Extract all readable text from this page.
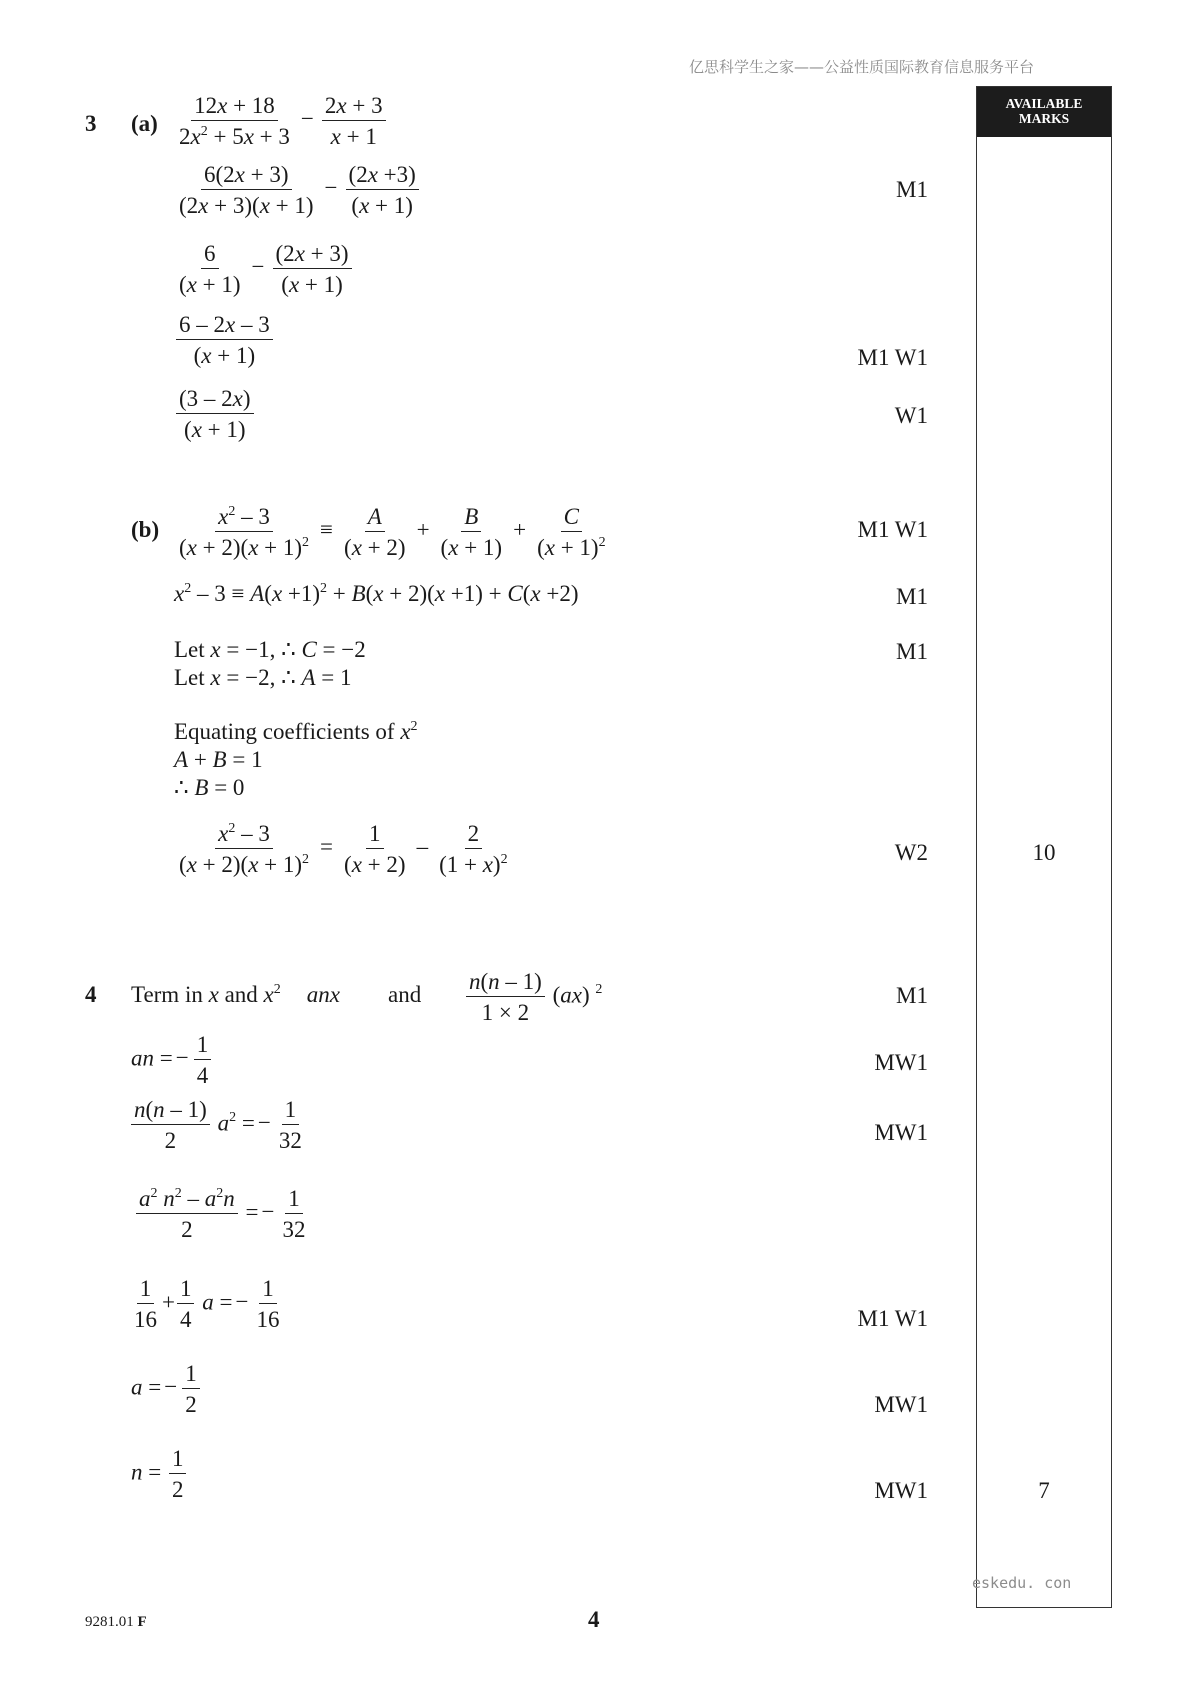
亿思科学生之家——公益性质国际教育信息服务平台
AVAILABLE
MARKS
3 $(a) \frac{12x + 18}{2x^2 + 5x + 3} - \frac{2x + 3}{x + 1}$
$\frac{6(2x + 3)}{(2x + 3)(x + 1)} - \frac{(2x +3)}{(x + 1)}$	M1
$\frac{6}{(x + 1)} - \frac{(2x + 3)}{(x + 1)}$
$\frac{6 - 2x - 3}{(x + 1)}$	M1 W1
$\frac{(3 - 2x)}{(x + 1)}$	W1
$(b) \frac{x^2 - 3}{(x + 2)(x + 1)^2} \equiv \frac{A}{(x + 2)} + \frac{B}{(x + 1)} + \frac{C}{(x + 1)^2}$	M1 W1
$x^2 - 3 \equiv A(x +1)^2 + B(x + 2)(x +1) + C(x +2)$	M1
Let x = −1, ∴ C = −2	M1
Let x = −2, ∴ A = 1
Equating coefficients of $x^2$
A + B = 1
∴ B = 0
$\frac{x^2 - 3}{(x + 2)(x + 1)^2} = \frac{1}{(x + 2)} - \frac{2}{(1 + x)^2}$	W2	10
4 Term in x and $x^2$ anx and $\frac{n(n - 1)}{1 \times 2} (ax)$ $^2$	M1
an = − $\frac{1}{4}$	MW1
$\frac{n(n - 1)}{2} a^2$ = − $\frac{1}{32}$	MW1
$\frac{a^2 n^2 - a^2n}{2}$ = − $\frac{1}{32}$
$\frac{1}{16} + \frac{1}{4}$ a = − $\frac{1}{16}$	M1 W1
a = − $\frac{1}{2}$	MW1
$n = \frac{1}{2}$	MW1	7
eskedu. con
9281.01 F	4
